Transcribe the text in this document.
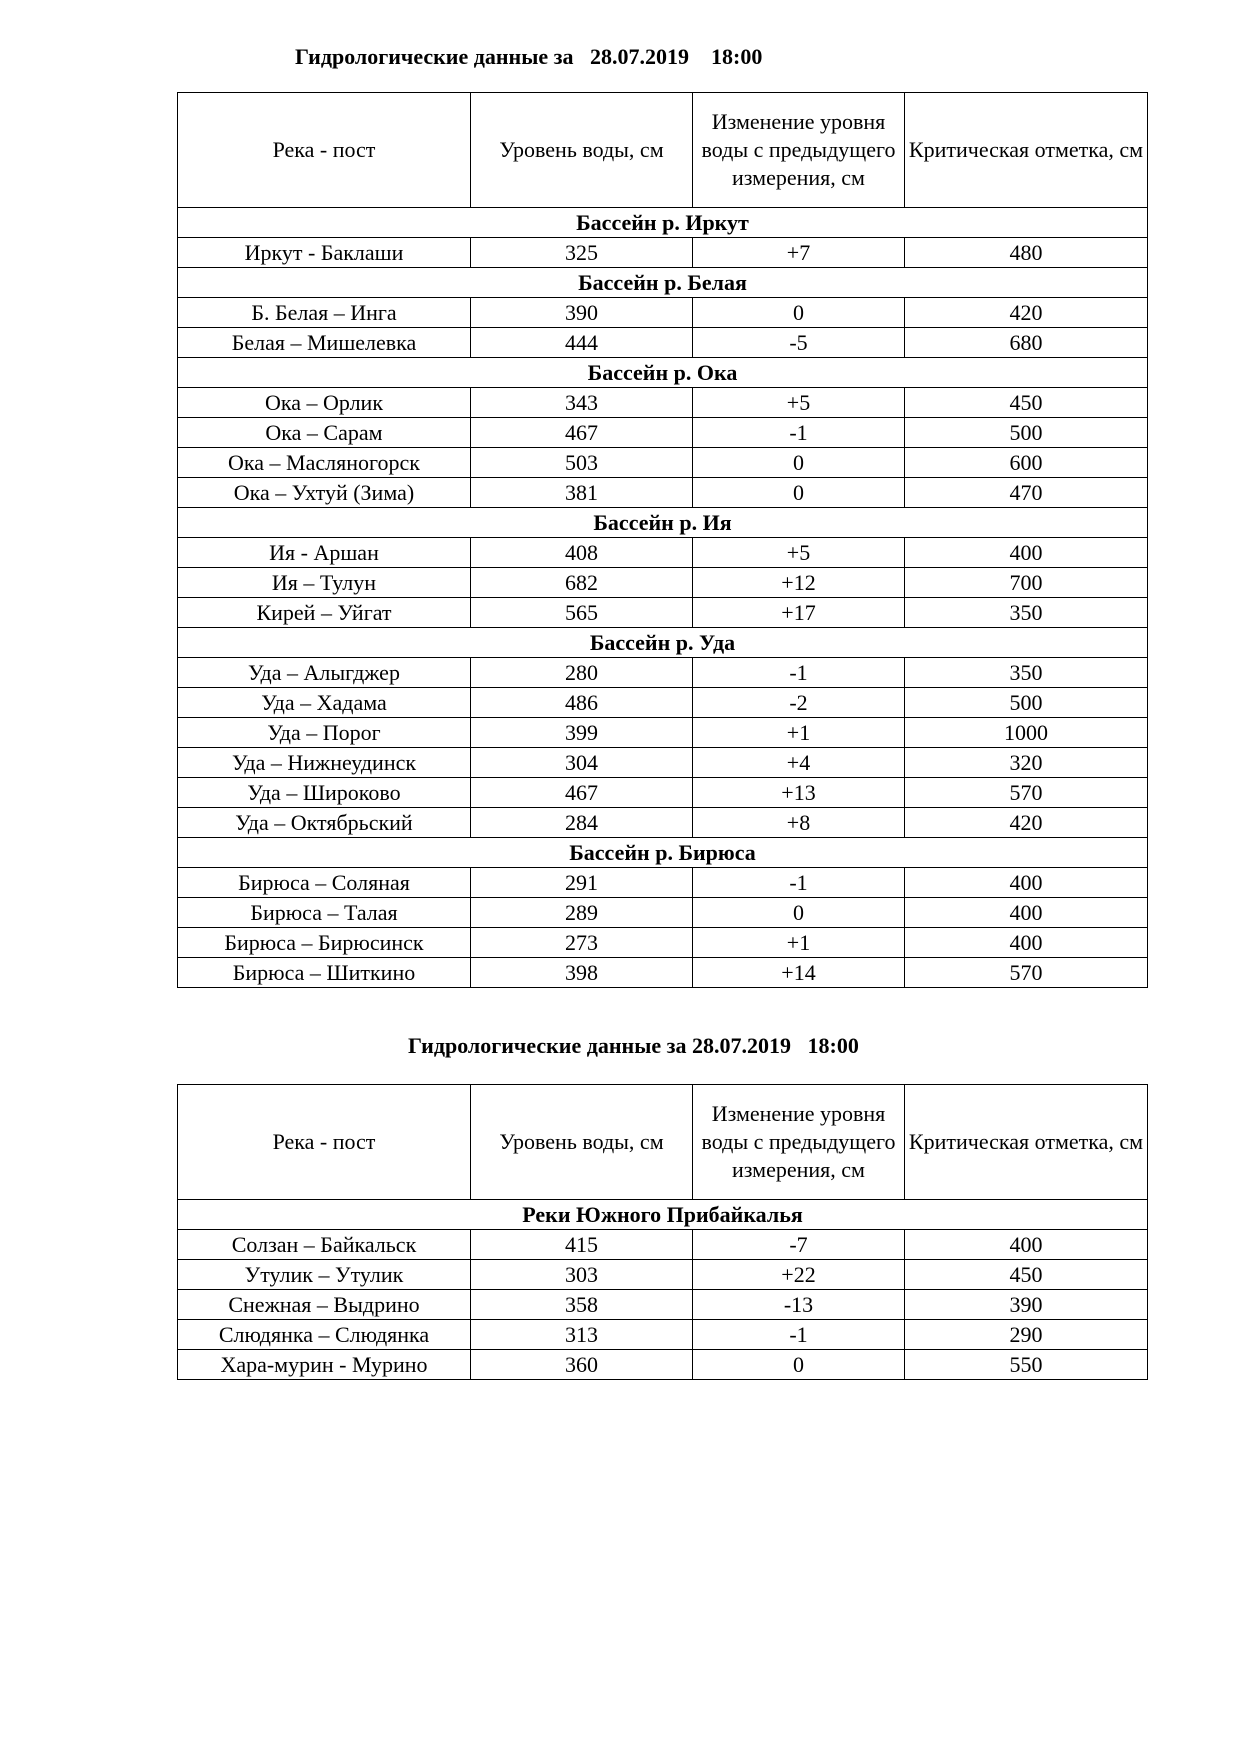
Гидрологические данные за   28.07.2019    18:00
Река - пост	Уровень воды, см	Изменение уровня воды с предыдущего измерения, см	Критическая отметка, см
Бассейн р. Иркут			
Иркут - Баклаши	325	+7	480
Бассейн р. Белая			
Б. Белая – Инга	390	0	420
Белая – Мишелевка	444	-5	680
Бассейн р. Ока			
Ока – Орлик	343	+5	450
Ока – Сарам	467	-1	500
Ока – Масляногорск	503	0	600
Ока – Ухтуй (Зима)	381	0	470
Бассейн р. Ия			
Ия - Аршан	408	+5	400
Ия – Тулун	682	+12	700
Кирей – Уйгат	565	+17	350
Бассейн р. Уда			
Уда – Алыгджер	280	-1	350
Уда – Хадама	486	-2	500
Уда – Порог	399	+1	1000
Уда – Нижнеудинск	304	+4	320
Уда – Широково	467	+13	570
Уда – Октябрьский	284	+8	420
Бассейн р. Бирюса			
Бирюса – Соляная	291	-1	400
Бирюса – Талая	289	0	400
Бирюса – Бирюсинск	273	+1	400
Бирюса – Шиткино	398	+14	570
Гидрологические данные за 28.07.2019   18:00
Река - пост	Уровень воды, см	Изменение уровня воды с предыдущего измерения, см	Критическая отметка, см
Реки Южного Прибайкалья			
Солзан – Байкальск	415	-7	400
Утулик – Утулик	303	+22	450
Снежная – Выдрино	358	-13	390
Слюдянка – Слюдянка	313	-1	290
Хара-мурин - Мурино	360	0	550
